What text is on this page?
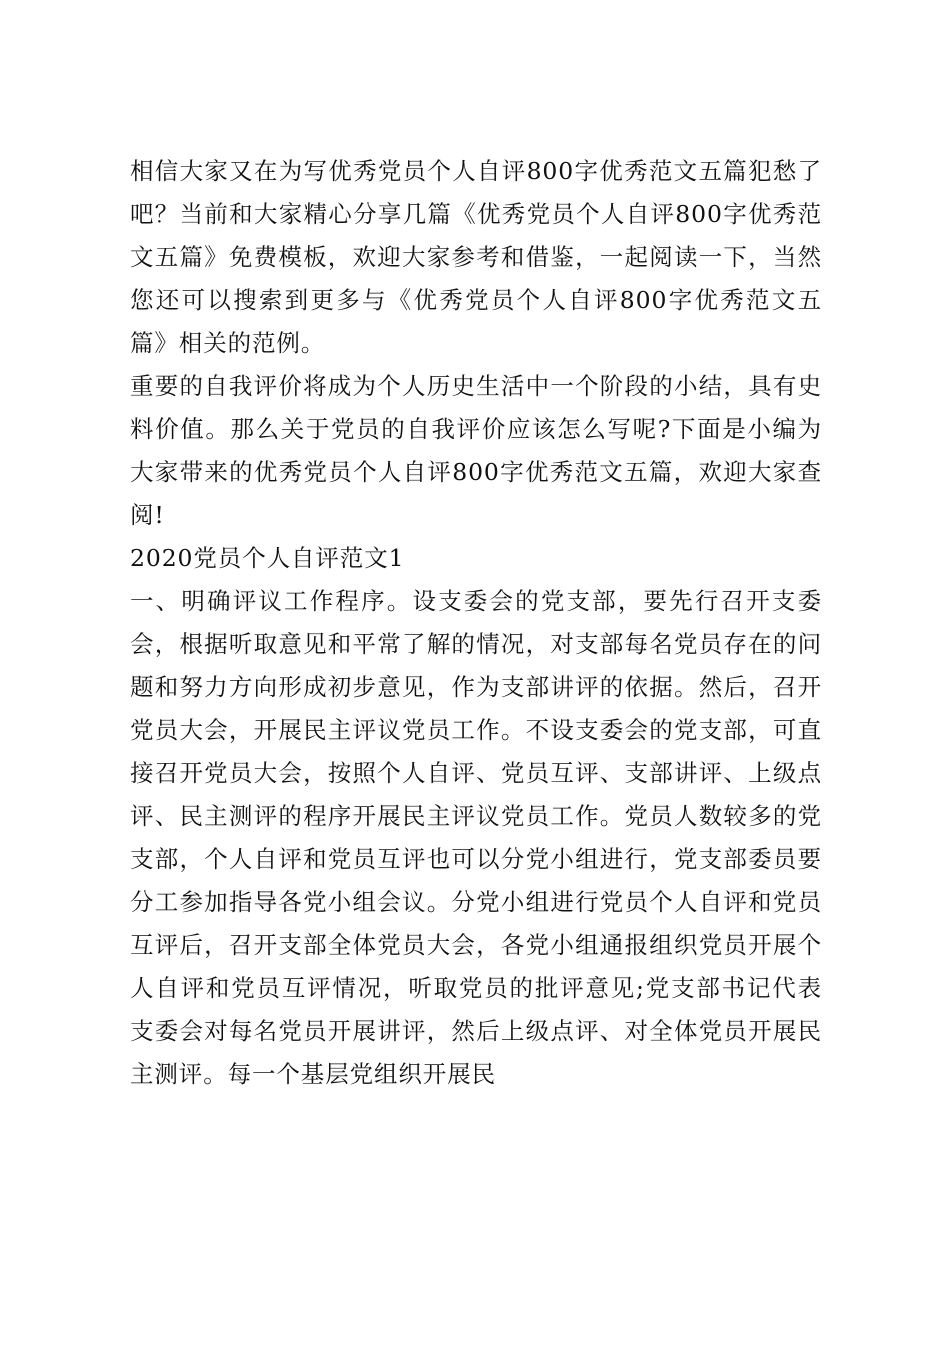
相信大家又在为写优秀党员个人自评800字优秀范文五篇犯愁了吧？当前和大家精心分享几篇《优秀党员个人自评800字优秀范文五篇》免费模板，欢迎大家参考和借鉴，一起阅读一下，当然您还可以搜索到更多与《优秀党员个人自评800字优秀范文五篇》相关的范例。

重要的自我评价将成为个人历史生活中一个阶段的小结，具有史料价值。那么关于党员的自我评价应该怎么写呢?下面是小编为大家带来的优秀党员个人自评800字优秀范文五篇，欢迎大家查阅!

2020党员个人自评范文1

一、明确评议工作程序。设支委会的党支部，要先行召开支委会，根据听取意见和平常了解的情况，对支部每名党员存在的问题和努力方向形成初步意见，作为支部讲评的依据。然后，召开党员大会，开展民主评议党员工作。不设支委会的党支部，可直接召开党员大会，按照个人自评、党员互评、支部讲评、上级点评、民主测评的程序开展民主评议党员工作。党员人数较多的党支部，个人自评和党员互评也可以分党小组进行，党支部委员要分工参加指导各党小组会议。分党小组进行党员个人自评和党员互评后，召开支部全体党员大会，各党小组通报组织党员开展个人自评和党员互评情况，听取党员的批评意见;党支部书记代表支委会对每名党员开展讲评，然后上级点评、对全体党员开展民主测评。每一个基层党组织开展民
